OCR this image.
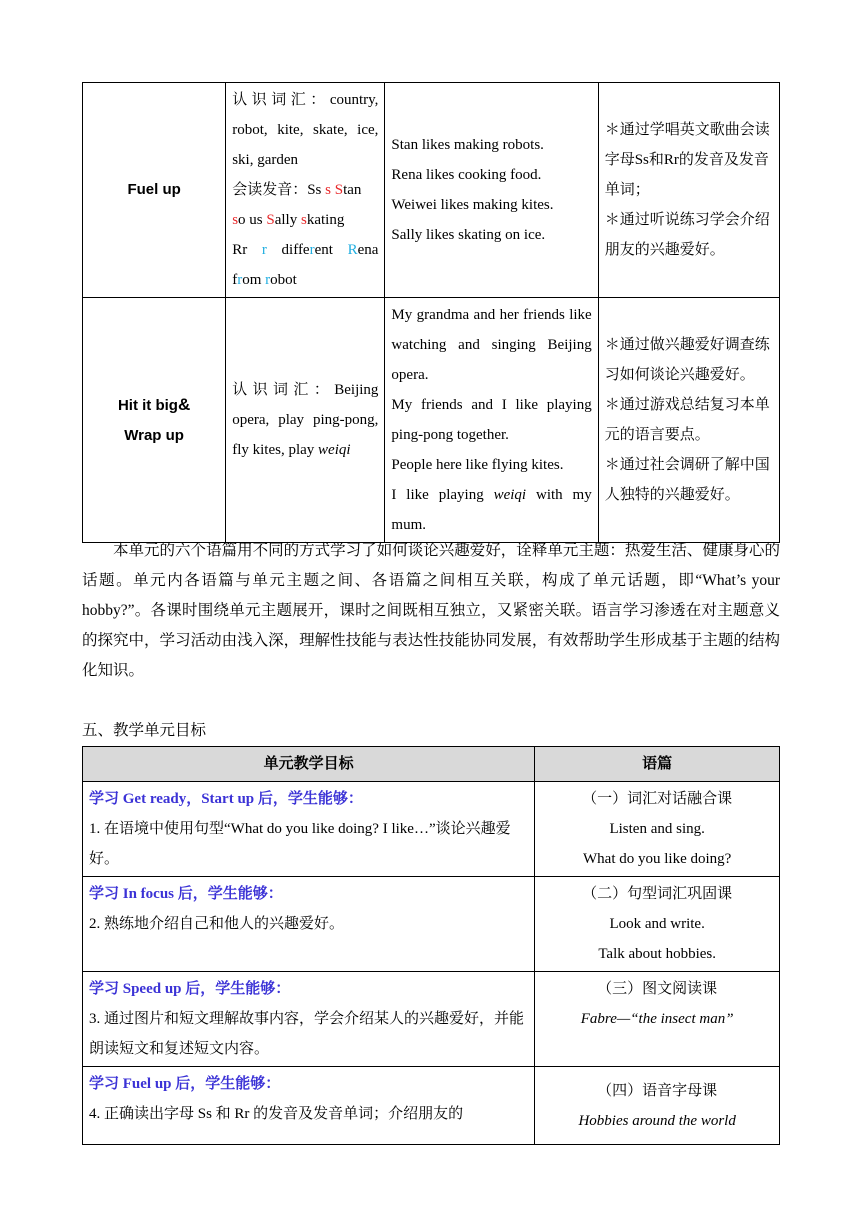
Fuel up	认识词汇：country, robot, kite, skate, ice, ski, garden
会读发音：Ss s Stan
so us Sally skating
Rr r different Rena
from robot	Stan likes making robots.
Rena likes cooking food.
Weiwei likes making kites.
Sally likes skating on ice.	＊通过学唱英文歌曲会读字母Ss和Rr的发音及发音单词；
＊通过听说练习学会介绍朋友的兴趣爱好。

Hit it big&
Wrap up	认识词汇：Beijing opera, play ping-pong, fly kites, play weiqi	My grandma and her friends like watching and singing Beijing opera.
My friends and I like playing ping-pong together.
People here like flying kites.
I like playing weiqi with my mum.	＊通过做兴趣爱好调查练习如何谈论兴趣爱好。
＊通过游戏总结复习本单元的语言要点。
＊通过社会调研了解中国人独特的兴趣爱好。
本单元的六个语篇用不同的方式学习了如何谈论兴趣爱好，诠释单元主题：热爱生活、健康身心的话题。单元内各语篇与单元主题之间、各语篇之间相互关联，构成了单元话题，即“What’s your hobby?”。各课时围绕单元主题展开，课时之间既相互独立，又紧密关联。语言学习渗透在对主题意义的探究中，学习活动由浅入深，理解性技能与表达性技能协同发展，有效帮助学生形成基于主题的结构化知识。
五、教学单元目标
单元教学目标	语篇

学习 Get ready，Start up 后，学生能够：
1. 在语境中使用句型“What do you like doing? I like…”谈论兴趣爱好。	（一）词汇对话融合课
Listen and sing.
What do you like doing?

学习 In focus 后，学生能够：
2. 熟练地介绍自己和他人的兴趣爱好。	（二）句型词汇巩固课
Look and write.
Talk about hobbies.

学习 Speed up 后，学生能够：
3. 通过图片和短文理解故事内容，学会介绍某人的兴趣爱好，并能朗读短文和复述短文内容。	（三）图文阅读课
Fabre—“the insect man”

学习 Fuel up 后，学生能够：
4. 正确读出字母 Ss 和 Rr 的发音及发音单词；介绍朋友的	（四）语音字母课
Hobbies around the world
